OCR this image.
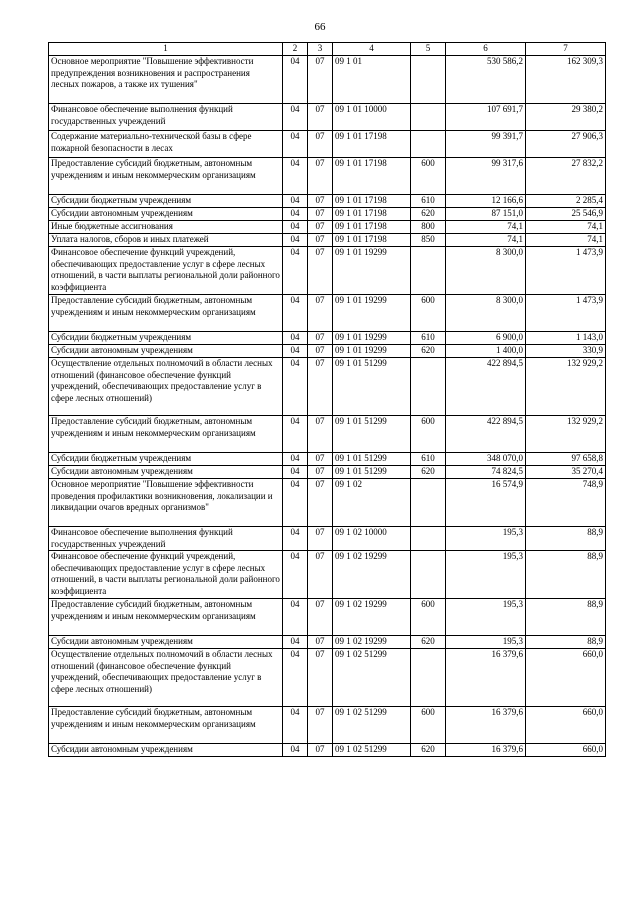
66
1	2	3	4	5	6	7
Основное мероприятие "Повышение эффективности предупреждения возникновения и распространения лесных пожаров, а также их тушения"	04	07	09 1 01		530 586,2	162 309,3
Финансовое обеспечение выполнения функций государственных учреждений	04	07	09 1 01 10000		107 691,7	29 380,2
Содержание материально-технической базы в сфере пожарной безопасности в лесах	04	07	09 1 01 17198		99 391,7	27 906,3
Предоставление субсидий бюджетным, автономным учреждениям и иным некоммерческим организациям	04	07	09 1 01 17198	600	99 317,6	27 832,2
Субсидии бюджетным учреждениям	04	07	09 1 01 17198	610	12 166,6	2 285,4
Субсидии автономным учреждениям	04	07	09 1 01 17198	620	87 151,0	25 546,9
Иные бюджетные ассигнования	04	07	09 1 01 17198	800	74,1	74,1
Уплата налогов, сборов и иных платежей	04	07	09 1 01 17198	850	74,1	74,1
Финансовое обеспечение функций учреждений, обеспечивающих предоставление услуг в сфере лесных отношений, в части выплаты региональной доли районного коэффициента	04	07	09 1 01 19299		8 300,0	1 473,9
Предоставление субсидий бюджетным, автономным учреждениям и иным некоммерческим организациям	04	07	09 1 01 19299	600	8 300,0	1 473,9
Субсидии бюджетным учреждениям	04	07	09 1 01 19299	610	6 900,0	1 143,0
Субсидии автономным учреждениям	04	07	09 1 01 19299	620	1 400,0	330,9
Осуществление отдельных полномочий в области лесных отношений (финансовое обеспечение функций учреждений, обеспечивающих предоставление услуг в сфере лесных отношений)	04	07	09 1 01 51299		422 894,5	132 929,2
Предоставление субсидий бюджетным, автономным учреждениям и иным некоммерческим организациям	04	07	09 1 01 51299	600	422 894,5	132 929,2
Субсидии бюджетным учреждениям	04	07	09 1 01 51299	610	348 070,0	97 658,8
Субсидии автономным учреждениям	04	07	09 1 01 51299	620	74 824,5	35 270,4
Основное мероприятие "Повышение эффективности проведения профилактики возникновения, локализации и ликвидации очагов вредных организмов"	04	07	09 1 02		16 574,9	748,9
Финансовое обеспечение выполнения функций государственных учреждений	04	07	09 1 02 10000		195,3	88,9
Финансовое обеспечение функций учреждений, обеспечивающих предоставление услуг в сфере лесных отношений, в части выплаты региональной доли районного коэффициента	04	07	09 1 02 19299		195,3	88,9
Предоставление субсидий бюджетным, автономным учреждениям и иным некоммерческим организациям	04	07	09 1 02 19299	600	195,3	88,9
Субсидии автономным учреждениям	04	07	09 1 02 19299	620	195,3	88,9
Осуществление отдельных полномочий в области лесных отношений (финансовое обеспечение функций учреждений, обеспечивающих предоставление услуг в сфере лесных отношений)	04	07	09 1 02 51299		16 379,6	660,0
Предоставление субсидий бюджетным, автономным учреждениям и иным некоммерческим организациям	04	07	09 1 02 51299	600	16 379,6	660,0
Субсидии автономным учреждениям	04	07	09 1 02 51299	620	16 379,6	660,0
